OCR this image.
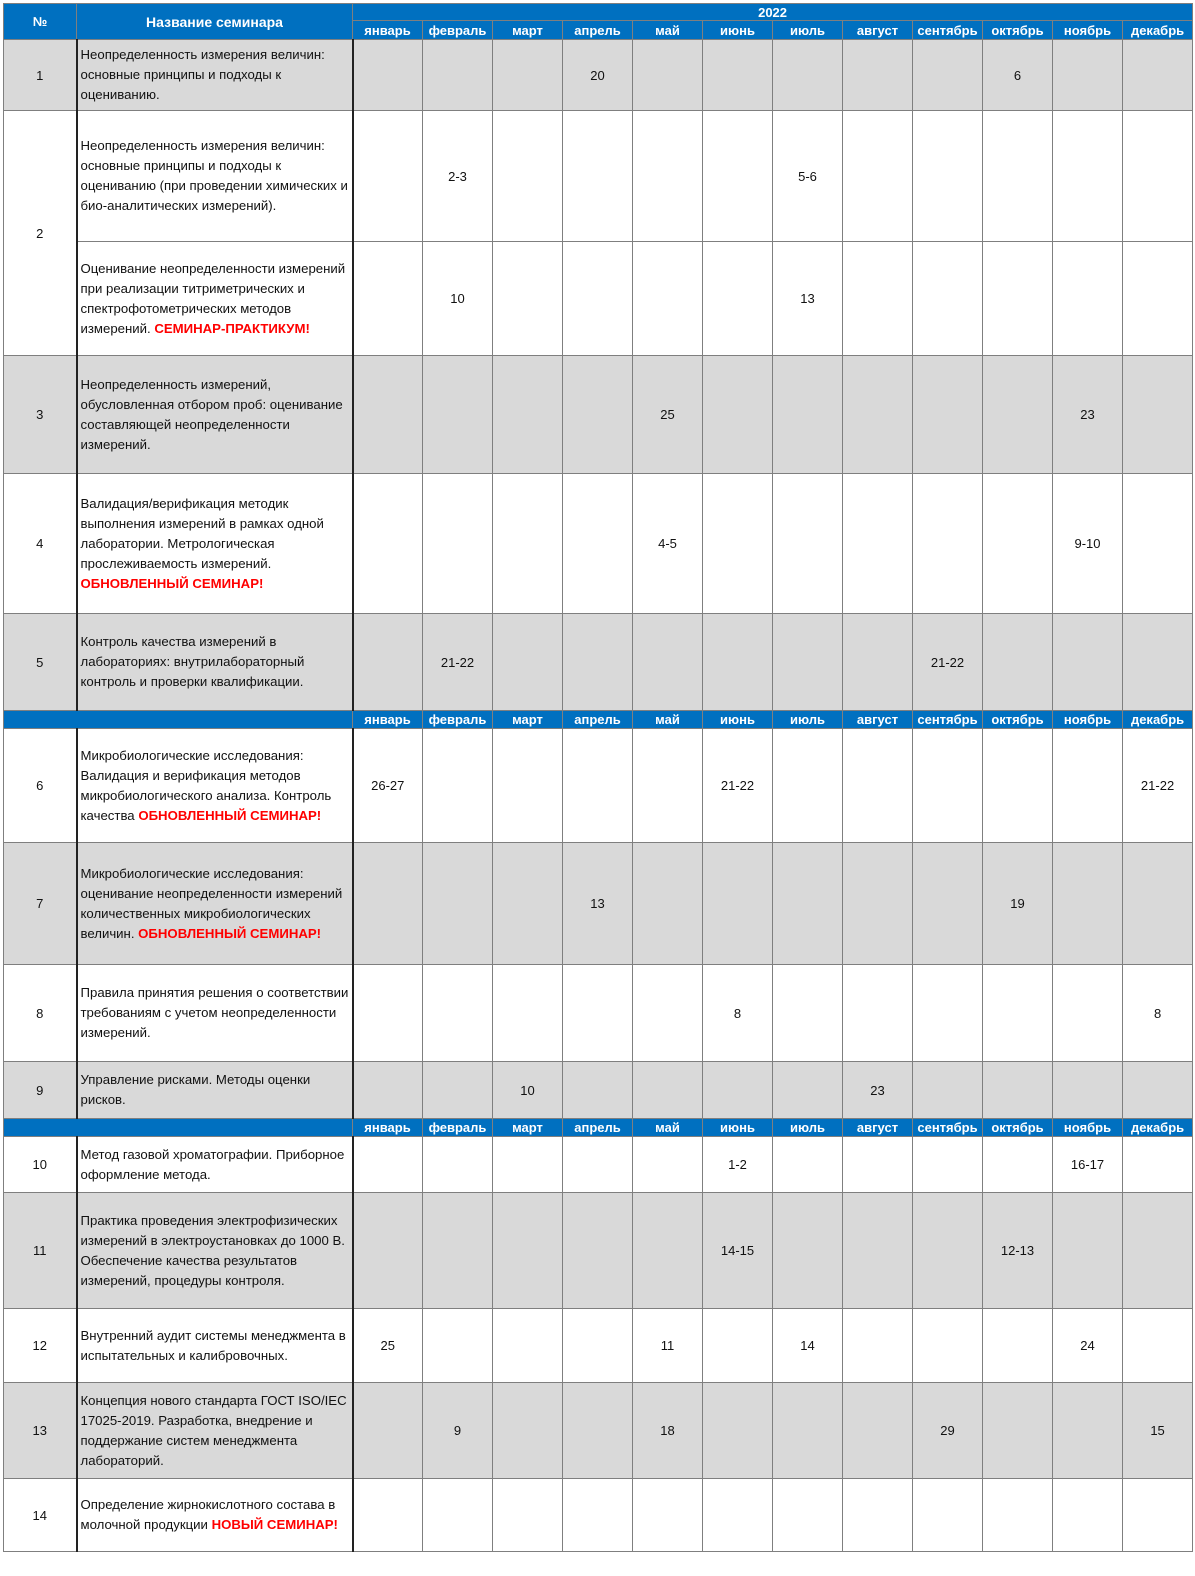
№	Название семинара	2022											
		январь	февраль	март	апрель	май	июнь	июль	август	сентябрь	октябрь	ноябрь	декабрь
1	Неопределенность измерения величин: основные принципы и подходы к оцениванию.				20						6		
2	Неопределенность измерения величин: основные принципы и подходы к оцениванию (при проведении химических и био-аналитических измерений).		2-3					5-6					
	Оценивание неопределенности измерений при реализации титриметрических и спектрофотометрических методов измерений. СЕМИНАР-ПРАКТИКУМ!		10					13					
3	Неопределенность измерений, обусловленная отбором проб: оценивание составляющей неопределенности измерений.					25						23	
4	Валидация/верификация методик выполнения измерений в рамках одной лаборатории. Метрологическая прослеживаемость измерений. ОБНОВЛЕННЫЙ СЕМИНАР!					4-5						9-10	
5	Контроль качества измерений в лабораториях: внутрилабораторный контроль и проверки квалификации.		21-22							21-22			
		январь	февраль	март	апрель	май	июнь	июль	август	сентябрь	октябрь	ноябрь	декабрь
6	Микробиологические исследования: Валидация и верификация методов микробиологического анализа. Контроль качества ОБНОВЛЕННЫЙ СЕМИНАР!	26-27					21-22						21-22
7	Микробиологические исследования: оценивание неопределенности измерений количественных микробиологических величин. ОБНОВЛЕННЫЙ СЕМИНАР!				13						19		
8	Правила принятия решения о соответствии требованиям с учетом неопределенности измерений.						8						8
9	Управление рисками. Методы оценки рисков.			10					23				
		январь	февраль	март	апрель	май	июнь	июль	август	сентябрь	октябрь	ноябрь	декабрь
10	Метод газовой хроматографии. Приборное оформление метода.						1-2					16-17	
11	Практика проведения электрофизических измерений в электроустановках до 1000 В. Обеспечение качества результатов измерений, процедуры контроля.						14-15				12-13		
12	Внутренний аудит системы менеджмента в испытательных и калибровочных.	25				11		14				24	
13	Концепция нового стандарта ГОСТ ISO/IEC 17025-2019. Разработка, внедрение и поддержание систем менеджмента лабораторий.		9			18				29			15
14	Определение жирнокислотного состава в молочной продукции НОВЫЙ СЕМИНАР!												
